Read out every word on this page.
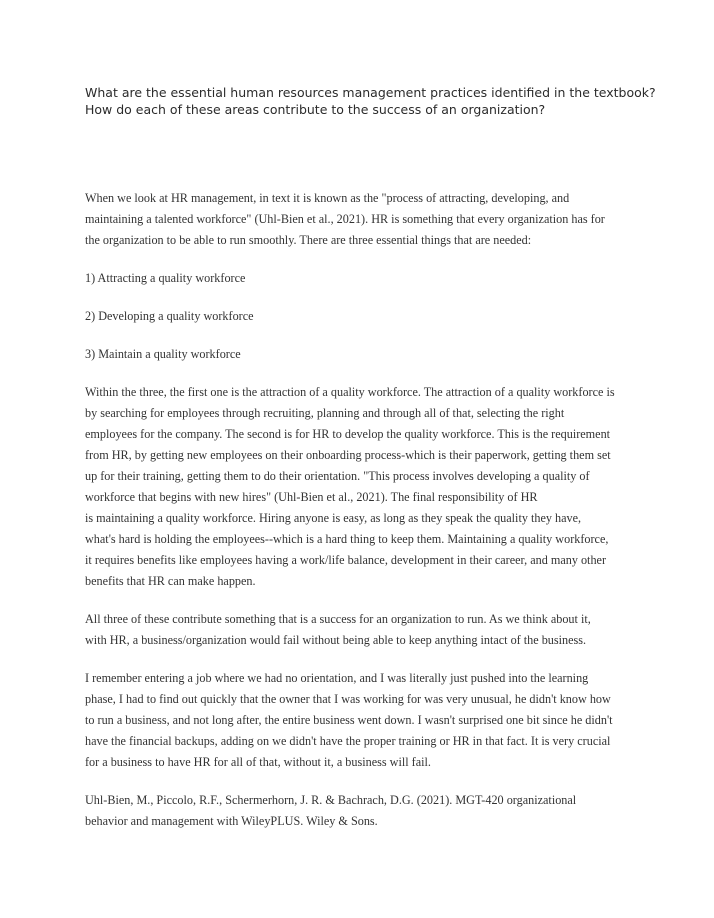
What are the essential human resources management practices identified in the textbook?

How do each of these areas contribute to the success of an organization?

When we look at HR management, in text it is known as the "process of attracting, developing, and
maintaining a talented workforce" (Uhl-Bien et al., 2021). HR is something that every organization has for
the organization to be able to run smoothly. There are three essential things that are needed:
1) Attracting a quality workforce
2) Developing a quality workforce
3) Maintain a quality workforce
Within the three, the first one is the attraction of a quality workforce. The attraction of a quality workforce is
by searching for employees through recruiting, planning and through all of that, selecting the right
employees for the company. The second is for HR to develop the quality workforce. This is the requirement
from HR, by getting new employees on their onboarding process-which is their paperwork, getting them set
up for their training, getting them to do their orientation. "This process involves developing a quality of
workforce that begins with new hires" (Uhl-Bien et al., 2021). The final responsibility of HR
is maintaining a quality workforce. Hiring anyone is easy, as long as they speak the quality they have,
what's hard is holding the employees--which is a hard thing to keep them. Maintaining a quality workforce,
it requires benefits like employees having a work/life balance, development in their career, and many other
benefits that HR can make happen.
All three of these contribute something that is a success for an organization to run. As we think about it,
with HR, a business/organization would fail without being able to keep anything intact of the business.
I remember entering a job where we had no orientation, and I was literally just pushed into the learning
phase, I had to find out quickly that the owner that I was working for was very unusual, he didn't know how
to run a business, and not long after, the entire business went down. I wasn't surprised one bit since he didn't
have the financial backups, adding on we didn't have the proper training or HR in that fact. It is very crucial
for a business to have HR for all of that, without it, a business will fail.
Uhl-Bien, M., Piccolo, R.F., Schermerhorn, J. R. & Bachrach, D.G. (2021). MGT-420 organizational
behavior and management with WileyPLUS. Wiley & Sons.
